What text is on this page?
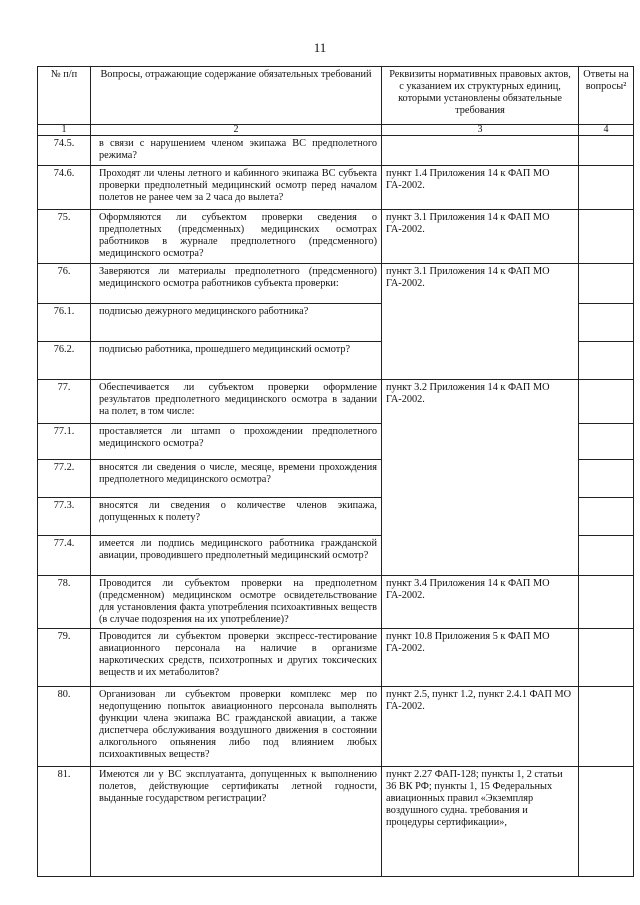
11
№ п/п	Вопросы, отражающие содержание обязательных требований	Реквизиты нормативных правовых актов, с указанием их структурных единиц, которыми установлены обязательные требования	Ответы на вопросы²
1	2	3	4
74.5.	в связи с нарушением членом экипажа ВС предполетного режима?		
74.6.	Проходят ли члены летного и кабинного экипажа ВС субъекта проверки предполетный медицинский осмотр перед началом полетов не ранее чем за 2 часа до вылета?	пункт 1.4 Приложения 14 к ФАП МО ГА-2002.	
75.	Оформляются ли субъектом проверки сведения о предполетных (предсменных) медицинских осмотрах работников в журнале предполетного (предсменного) медицинского осмотра?	пункт 3.1 Приложения 14 к ФАП МО ГА-2002.	
76.	Заверяются ли материалы предполетного (предсменного) медицинского осмотра работников субъекта проверки:	пункт 3.1 Приложения 14 к ФАП МО ГА-2002.	
76.1.	подписью дежурного медицинского работника?		
76.2.	подписью работника, прошедшего медицинский осмотр?		
77.	Обеспечивается ли субъектом проверки оформление результатов предполетного медицинского осмотра в задании на полет, в том числе:	пункт 3.2 Приложения 14 к ФАП МО ГА-2002.	
77.1.	проставляется ли штамп о прохождении предполетного медицинского осмотра?		
77.2.	вносятся ли сведения о числе, месяце, времени прохождения предполетного медицинского осмотра?		
77.3.	вносятся ли сведения о количестве членов экипажа, допущенных к полету?		
77.4.	имеется ли подпись медицинского работника гражданской авиации, проводившего предполетный медицинский осмотр?		
78.	Проводится ли субъектом проверки на предполетном (предсменном) медицинском осмотре освидетельствование для установления факта употребления психоактивных веществ (в случае подозрения на их употребление)?	пункт 3.4 Приложения 14 к ФАП МО ГА-2002.	
79.	Проводится ли субъектом проверки экспресс-тестирование авиационного персонала на наличие в организме наркотических средств, психотропных и других токсических веществ и их метаболитов?	пункт 10.8 Приложения 5 к ФАП МО ГА-2002.	
80.	Организован ли субъектом проверки комплекс мер по недопущению попыток авиационного персонала выполнять функции члена экипажа ВС гражданской авиации, а также диспетчера обслуживания воздушного движения в состоянии алкогольного опьянения либо под влиянием любых психоактивных веществ?	пункт 2.5, пункт 1.2, пункт 2.4.1 ФАП МО ГА-2002.	
81.	Имеются ли у ВС эксплуатанта, допущенных к выполнению полетов, действующие сертификаты летной годности, выданные государством регистрации?	пункт 2.27 ФАП-128; пункты 1, 2 статьи 36 ВК РФ; пункты 1, 15 Федеральных авиационных правил «Экземпляр воздушного судна. требования и процедуры сертификации»,	
